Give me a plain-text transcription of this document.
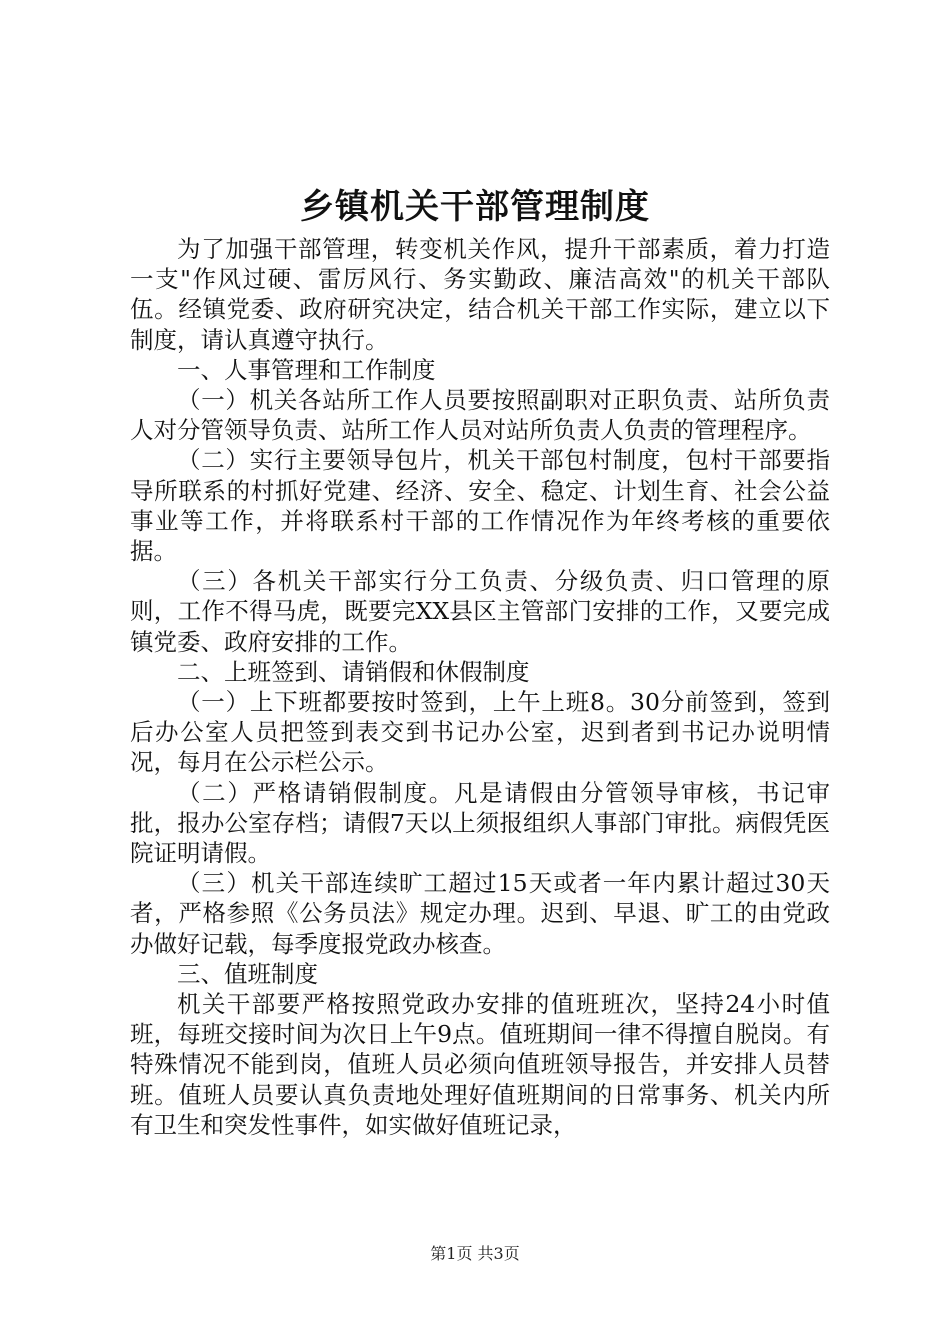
乡镇机关干部管理制度

为了加强干部管理，转变机关作风，提升干部素质，着力打造一支"作风过硬、雷厉风行、务实勤政、廉洁高效"的机关干部队伍。经镇党委、政府研究决定，结合机关干部工作实际，建立以下制度，请认真遵守执行。

一、人事管理和工作制度

（一）机关各站所工作人员要按照副职对正职负责、站所负责人对分管领导负责、站所工作人员对站所负责人负责的管理程序。

（二）实行主要领导包片，机关干部包村制度，包村干部要指导所联系的村抓好党建、经济、安全、稳定、计划生育、社会公益事业等工作，并将联系村干部的工作情况作为年终考核的重要依据。

（三）各机关干部实行分工负责、分级负责、归口管理的原则，工作不得马虎，既要完XX县区主管部门安排的工作，又要完成镇党委、政府安排的工作。

二、上班签到、请销假和休假制度

（一）上下班都要按时签到，上午上班8。30分前签到，签到后办公室人员把签到表交到书记办公室，迟到者到书记办说明情况，每月在公示栏公示。

（二）严格请销假制度。凡是请假由分管领导审核，书记审批，报办公室存档；请假7天以上须报组织人事部门审批。病假凭医院证明请假。

（三）机关干部连续旷工超过15天或者一年内累计超过30天者，严格参照《公务员法》规定办理。迟到、早退、旷工的由党政办做好记载，每季度报党政办核查。

三、值班制度

机关干部要严格按照党政办安排的值班班次，坚持24小时值班，每班交接时间为次日上午9点。值班期间一律不得擅自脱岗。有特殊情况不能到岗，值班人员必须向值班领导报告，并安排人员替班。值班人员要认真负责地处理好值班期间的日常事务、机关内所有卫生和突发性事件，如实做好值班记录，

第1页 共3页
